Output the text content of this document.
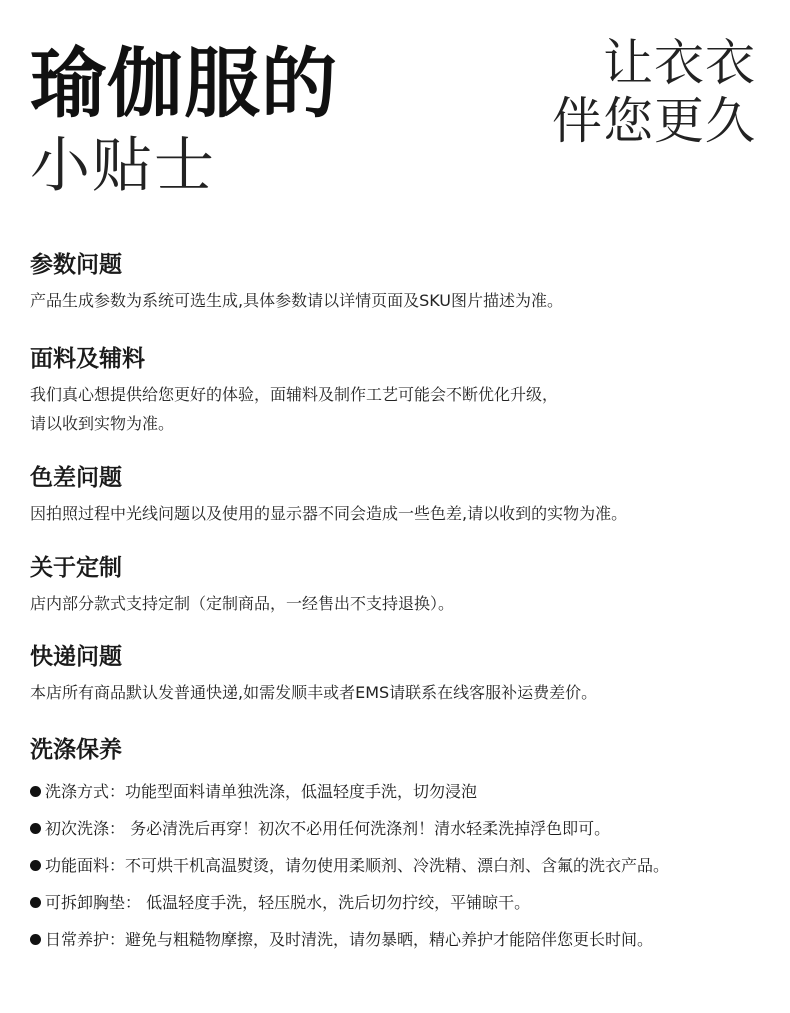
瑜伽服的
小贴士
让衣衣
伴您更久
参数问题
产品生成参数为系统可选生成,具体参数请以详情页面及SKU图片描述为准。
面料及辅料
我们真心想提供给您更好的体验，面辅料及制作工艺可能会不断优化升级，
请以收到实物为准。
色差问题
因拍照过程中光线问题以及使用的显示器不同会造成一些色差,请以收到的实物为准。
关于定制
店内部分款式支持定制（定制商品，一经售出不支持退换）。
快递问题
本店所有商品默认发普通快递,如需发顺丰或者EMS请联系在线客服补运费差价。
洗涤保养
洗涤方式：功能型面料请单独洗涤，低温轻度手洗，切勿浸泡
初次洗涤： 务必清洗后再穿！初次不必用任何洗涤剂！清水轻柔洗掉浮色即可。
功能面料：不可烘干机高温熨烫，请勿使用柔顺剂、冷洗精、漂白剂、含氟的洗衣产品。
可拆卸胸垫： 低温轻度手洗，轻压脱水，洗后切勿拧绞，平铺晾干。
日常养护：避免与粗糙物摩擦，及时清洗，请勿暴晒，精心养护才能陪伴您更长时间。
